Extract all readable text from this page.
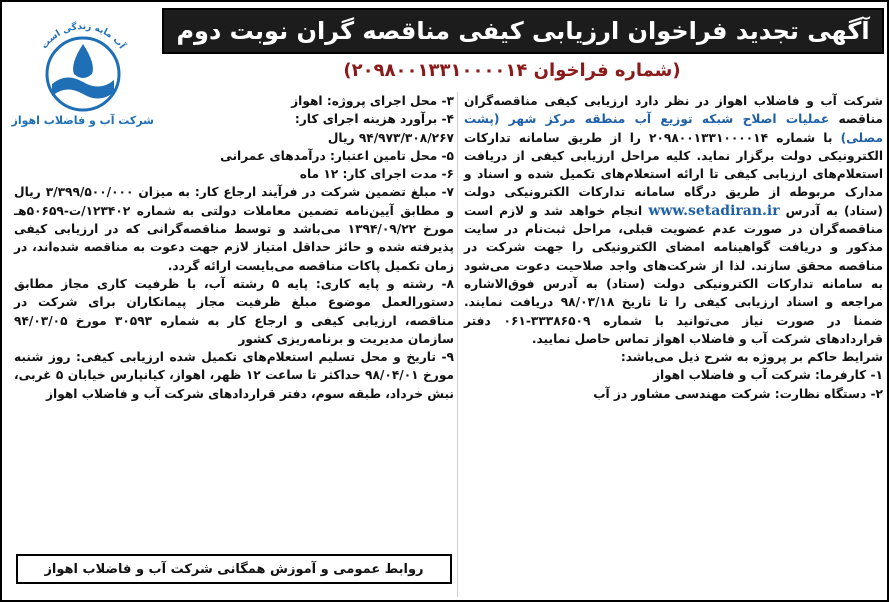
آگهی تجدید فراخوان ارزیابی کیفی مناقصه گران نوبت دوم
(شماره فراخوان ۲۰۹۸۰۰۱۳۳۱۰۰۰۰۱۴)
آب مایه زندگی است
شرکت آب و فاضلاب اهواز

شرکت آب و فاضلاب اهواز در نظر دارد ارزیابی کیفی مناقصه‌گران مناقصه عملیات اصلاح شبکه توزیع آب منطقه مرکز شهر (پشت مصلی) با شماره ۲۰۹۸۰۰۱۳۳۱۰۰۰۰۱۴ را از طریق سامانه تدارکات الکترونیکی دولت برگزار نماید. کلیه مراحل ارزیابی کیفی از دریافت استعلام‌های ارزیابی کیفی تا ارائه استعلام‌های تکمیل شده و اسناد و مدارک مربوطه از طریق درگاه سامانه تدارکات الکترونیکی دولت (ستاد) به آدرس www.setadiran.ir انجام خواهد شد و لازم است مناقصه‌گران در صورت عدم عضویت قبلی، مراحل ثبت‌نام در سایت مذکور و دریافت گواهینامه امضای الکترونیکی را جهت شرکت در مناقصه محقق سازند. لذا از شرکت‌های واجد صلاحیت دعوت می‌شود به سامانه تدارکات الکترونیکی دولت (ستاد) به آدرس فوق‌الاشاره مراجعه و اسناد ارزیابی کیفی را تا تاریخ ۹۸/۰۳/۱۸ دریافت نمایند. ضمنا در صورت نیاز می‌توانید با شماره ۳۳۳۸۶۵۰۹-۰۶۱ دفتر قراردادهای شرکت آب و فاضلاب اهواز تماس حاصل نمایید.

شرایط حاکم بر پروژه به شرح ذیل می‌باشد:

۱- کارفرما: شرکت آب و فاضلاب اهواز

۲- دستگاه نظارت: شرکت مهندسی مشاور دز آب

۳- محل اجرای پروژه: اهواز

۴- برآورد هزینه اجرای کار:

۹۴/۹۷۳/۳۰۸/۲۶۷ ریال

۵- محل تامین اعتبار: درآمدهای عمرانی

۶- مدت اجرای کار: ۱۲ ماه

۷- مبلغ تضمین شرکت در فرآیند ارجاع کار: به میزان ۳/۳۹۹/۵۰۰/۰۰۰ ریال و مطابق آیین‌نامه تضمین معاملات دولتی به شماره ۱۲۳۴۰۲/ت-۵۰۶۵۹هـ مورخ ۱۳۹۴/۰۹/۲۲ می‌باشد و توسط مناقصه‌گرانی که در ارزیابی کیفی پذیرفته شده و حائز حداقل امتیاز لازم جهت دعوت به مناقصه شده‌اند، در زمان تکمیل پاکات مناقصه می‌بایست ارائه گردد.

۸- رشته و پایه کاری: پایه ۵ رشته آب، با ظرفیت کاری مجاز مطابق دستورالعمل موضوع مبلغ ظرفیت مجاز پیمانکاران برای شرکت در مناقصه، ارزیابی کیفی و ارجاع کار به شماره ۳۰۵۹۳ مورخ ۹۴/۰۳/۰۵ سازمان مدیریت و برنامه‌ریزی کشور

۹- تاریخ و محل تسلیم استعلام‌های تکمیل شده ارزیابی کیفی: روز شنبه مورخ ۹۸/۰۴/۰۱ حداکثر تا ساعت ۱۲ ظهر، اهواز، کیانپارس خیابان ۵ غربی، نبش خرداد، طبقه سوم، دفتر قراردادهای شرکت آب و فاضلاب اهواز

روابط عمومی و آموزش همگانی شرکت آب و فاضلاب اهواز
